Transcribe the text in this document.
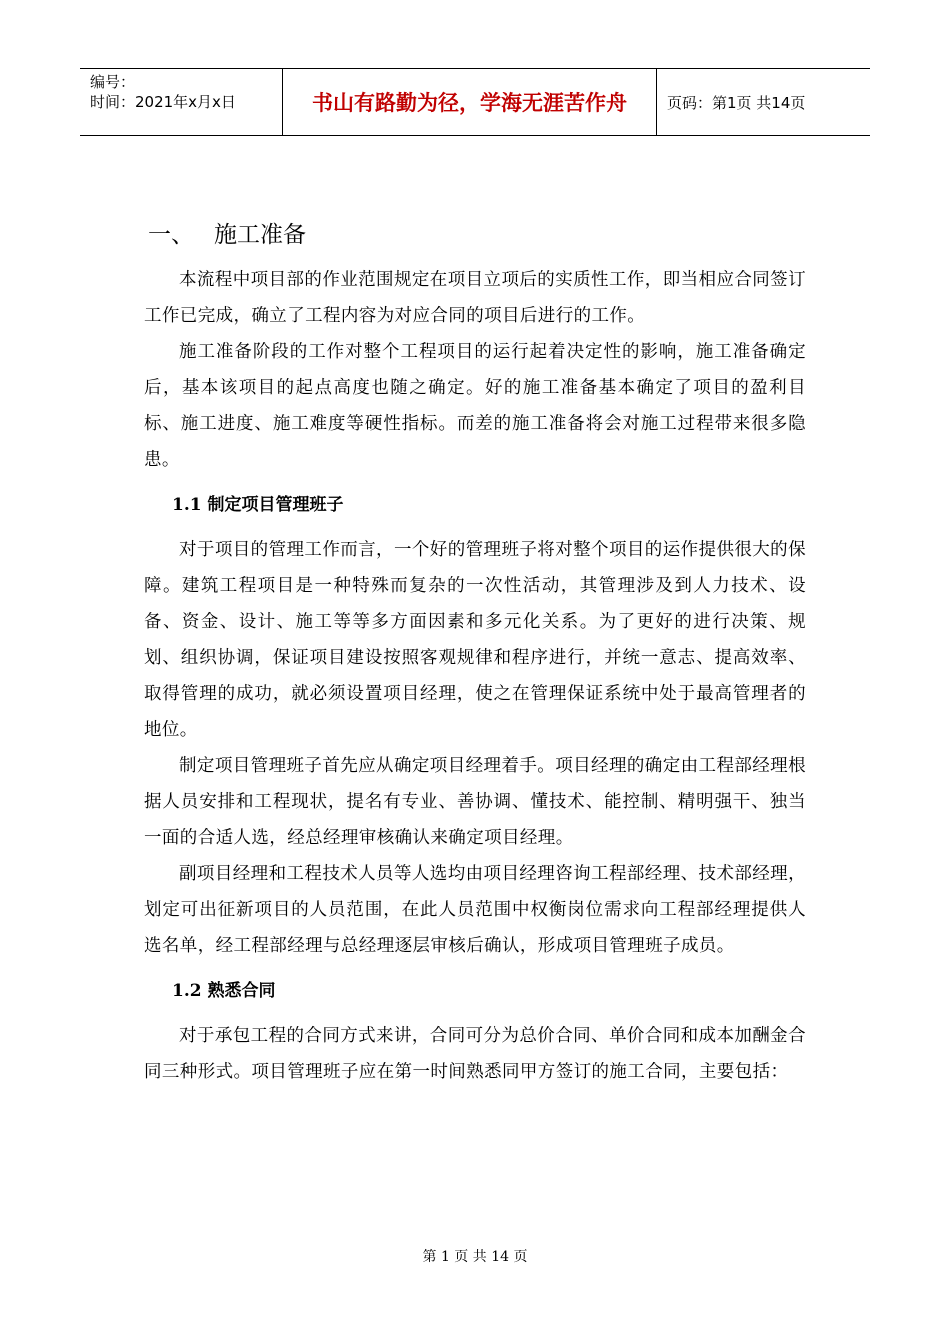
编号：
时间：2021年x月x日	书山有路勤为径，学海无涯苦作舟	页码：第1页 共14页
一、 施工准备

本流程中项目部的作业范围规定在项目立项后的实质性工作，即当相应合同签订工作已完成，确立了工程内容为对应合同的项目后进行的工作。

施工准备阶段的工作对整个工程项目的运行起着决定性的影响，施工准备确定后，基本该项目的起点高度也随之确定。好的施工准备基本确定了项目的盈利目标、施工进度、施工难度等硬性指标。而差的施工准备将会对施工过程带来很多隐患。

1.1 制定项目管理班子

对于项目的管理工作而言，一个好的管理班子将对整个项目的运作提供很大的保障。建筑工程项目是一种特殊而复杂的一次性活动，其管理涉及到人力技术、设备、资金、设计、施工等等多方面因素和多元化关系。为了更好的进行决策、规划、组织协调，保证项目建设按照客观规律和程序进行，并统一意志、提高效率、取得管理的成功，就必须设置项目经理，使之在管理保证系统中处于最高管理者的地位。

制定项目管理班子首先应从确定项目经理着手。项目经理的确定由工程部经理根据人员安排和工程现状，提名有专业、善协调、懂技术、能控制、精明强干、独当一面的合适人选，经总经理审核确认来确定项目经理。

副项目经理和工程技术人员等人选均由项目经理咨询工程部经理、技术部经理，划定可出征新项目的人员范围，在此人员范围中权衡岗位需求向工程部经理提供人选名单，经工程部经理与总经理逐层审核后确认，形成项目管理班子成员。

1.2 熟悉合同

对于承包工程的合同方式来讲，合同可分为总价合同、单价合同和成本加酬金合同三种形式。项目管理班子应在第一时间熟悉同甲方签订的施工合同，主要包括：

第 1 页 共 14 页
